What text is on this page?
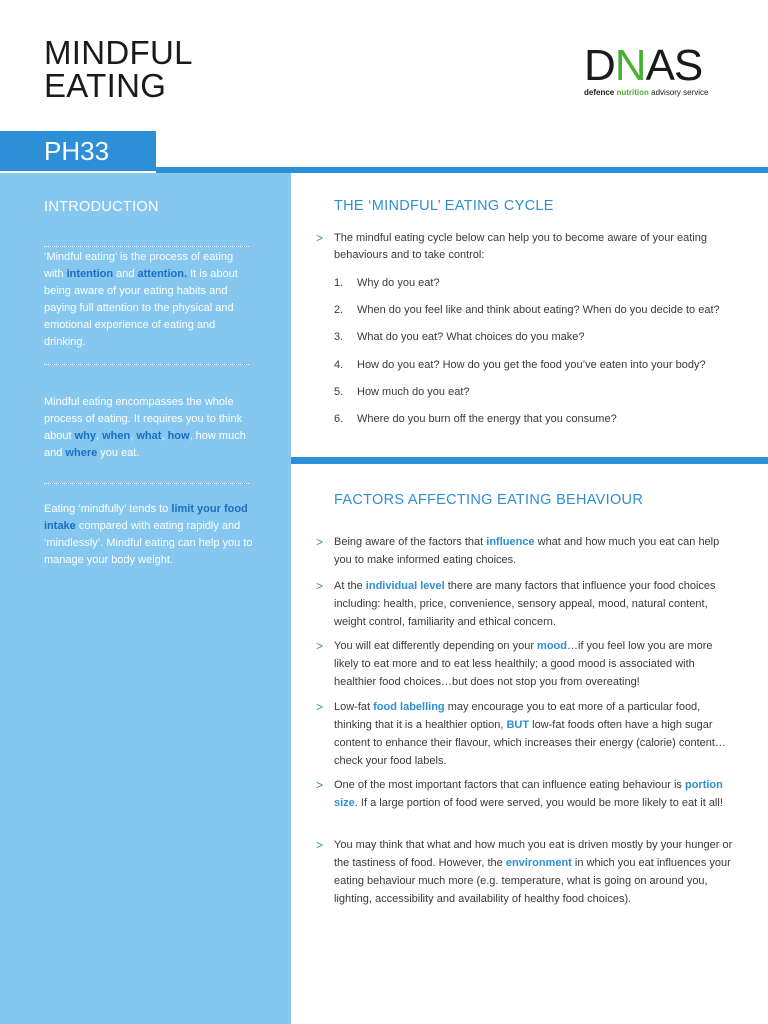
MINDFUL
EATING	DNAS
defence nutrition advisory service
PH33
INTRODUCTION
‘Mindful eating’ is the process of eating with intention and attention. It is about being aware of your eating habits and paying full attention to the physical and emotional experience of eating and drinking.
Mindful eating encompasses the whole process of eating. It requires you to think about why, when, what, how, how much and where you eat.
Eating ‘mindfully’ tends to limit your food intake compared with eating rapidly and ‘mindlessly’. Mindful eating can help you to manage your body weight.
THE ‘MINDFUL’ EATING CYCLE
> The mindful eating cycle below can help you to become aware of your eating behaviours and to take control:
1. Why do you eat?
2. When do you feel like and think about eating? When do you decide to eat?
3. What do you eat? What choices do you make?
4. How do you eat? How do you get the food you’ve eaten into your body?
5. How much do you eat?
6. Where do you burn off the energy that you consume?
FACTORS AFFECTING EATING BEHAVIOUR
> Being aware of the factors that influence what and how much you eat can help you to make informed eating choices.
> At the individual level there are many factors that influence your food choices including: health, price, convenience, sensory appeal, mood, natural content, weight control, familiarity and ethical concern.
> You will eat differently depending on your mood…if you feel low you are more likely to eat more and to eat less healthily; a good mood is associated with healthier food choices…but does not stop you from overeating!
> Low-fat food labelling may encourage you to eat more of a particular food, thinking that it is a healthier option, BUT low-fat foods often have a high sugar content to enhance their flavour, which increases their energy (calorie) content…check your food labels.
> One of the most important factors that can influence eating behaviour is portion size. If a large portion of food were served, you would be more likely to eat it all!
> You may think that what and how much you eat is driven mostly by your hunger or the tastiness of food. However, the environment in which you eat influences your eating behaviour much more (e.g. temperature, what is going on around you, lighting, accessibility and availability of healthy food choices).
